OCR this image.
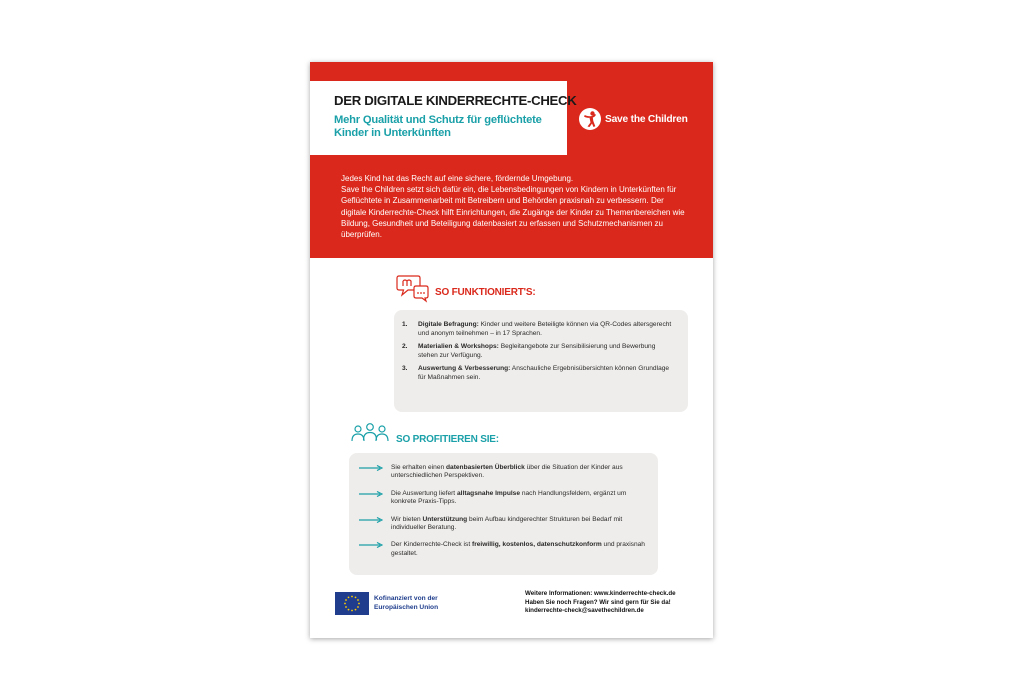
DER DIGITALE KINDERRECHTE-CHECK
Mehr Qualität und Schutz für geflüchtete Kinder in Unterkünften
Save the Children

Jedes Kind hat das Recht auf eine sichere, fördernde Umgebung.

Save the Children setzt sich dafür ein, die Lebensbedingungen von Kindern in Unterkünften für Geflüchtete in Zusammenarbeit mit Betreibern und Behörden praxisnah zu verbessern. Der digitale Kinderrechte-Check hilft Einrichtungen, die Zugänge der Kinder zu Themenbereichen wie Bildung, Gesundheit und Beteiligung datenbasiert zu erfassen und Schutzmechanismen zu überprüfen.

SO FUNKTIONIERT'S:
1.	Digitale Befragung: Kinder und weitere Beteiligte können via QR-Codes altersgerecht und anonym teilnehmen – in 17 Sprachen.
2.	Materialien & Workshops: Begleitangebote zur Sensibilisierung und Bewerbung stehen zur Verfügung.
3.	Auswertung & Verbesserung: Anschauliche Ergebnisübersichten können Grundlage für Maßnahmen sein.
SO PROFITIEREN SIE:
Sie erhalten einen datenbasierten Überblick über die Situation der Kinder aus unterschiedlichen Perspektiven.
Die Auswertung liefert alltagsnahe Impulse nach Handlungsfeldern, ergänzt um konkrete Praxis-Tipps.
Wir bieten Unterstützung beim Aufbau kindgerechter Strukturen bei Bedarf mit individueller Beratung.
Der Kinderrechte-Check ist freiwillig, kostenlos, datenschutzkonform und praxisnah gestaltet.
Kofinanziert von der
Europäischen Union
Weitere Informationen: www.kinderrechte-check.de
Haben Sie noch Fragen? Wir sind gern für Sie da!
kinderrechte-check@savethechildren.de
